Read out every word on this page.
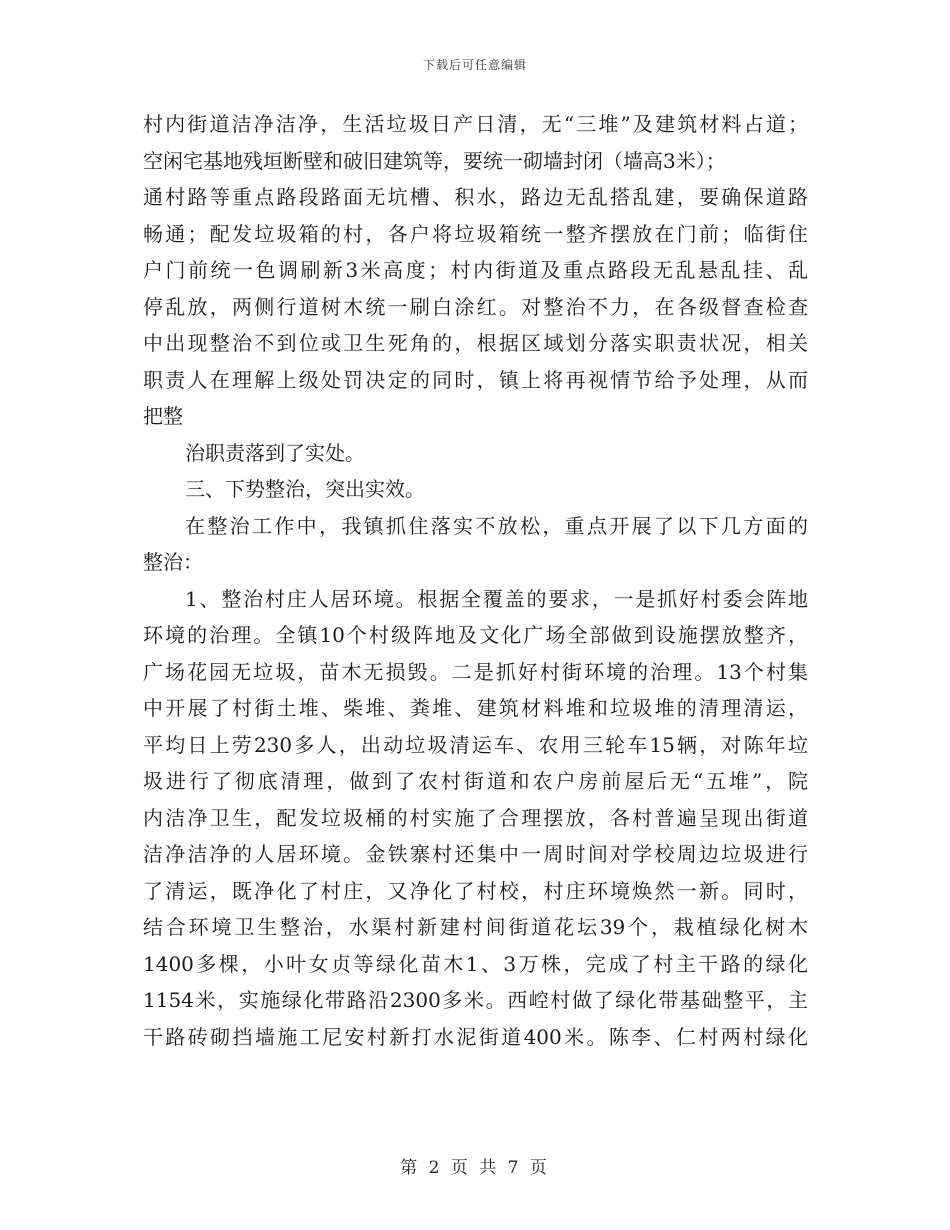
下载后可任意编辑
村内街道洁净洁净，生活垃圾日产日清，无“三堆”及建筑材料占道；
空闲宅基地残垣断壁和破旧建筑等，要统一砌墙封闭（墙高3米）；
通村路等重点路段路面无坑槽、积水，路边无乱搭乱建，要确保道路
畅通；配发垃圾箱的村，各户将垃圾箱统一整齐摆放在门前；临街住
户门前统一色调刷新3米高度；村内街道及重点路段无乱悬乱挂、乱
停乱放，两侧行道树木统一刷白涂红。对整治不力，在各级督查检查
中出现整治不到位或卫生死角的，根据区域划分落实职责状况，相关
职责人在理解上级处罚决定的同时，镇上将再视情节给予处理，从而
把整
治职责落到了实处。
三、下势整治，突出实效。
在整治工作中，我镇抓住落实不放松，重点开展了以下几方面的
整治：
1、整治村庄人居环境。根据全覆盖的要求，一是抓好村委会阵地
环境的治理。全镇10个村级阵地及文化广场全部做到设施摆放整齐，
广场花园无垃圾，苗木无损毁。二是抓好村街环境的治理。13个村集
中开展了村街土堆、柴堆、粪堆、建筑材料堆和垃圾堆的清理清运，
平均日上劳230多人，出动垃圾清运车、农用三轮车15辆，对陈年垃
圾进行了彻底清理，做到了农村街道和农户房前屋后无“五堆”，院
内洁净卫生，配发垃圾桶的村实施了合理摆放，各村普遍呈现出街道
洁净洁净的人居环境。金铁寨村还集中一周时间对学校周边垃圾进行
了清运，既净化了村庄，又净化了村校，村庄环境焕然一新。同时，
结合环境卫生整治，水渠村新建村间街道花坛39个，栽植绿化树木
1400多棵，小叶女贞等绿化苗木1、3万株，完成了村主干路的绿化
1154米，实施绿化带路沿2300多米。西崆村做了绿化带基础整平，主
干路砖砌挡墙施工尼安村新打水泥街道400米。陈李、仁村两村绿化
第 2 页 共 7 页
